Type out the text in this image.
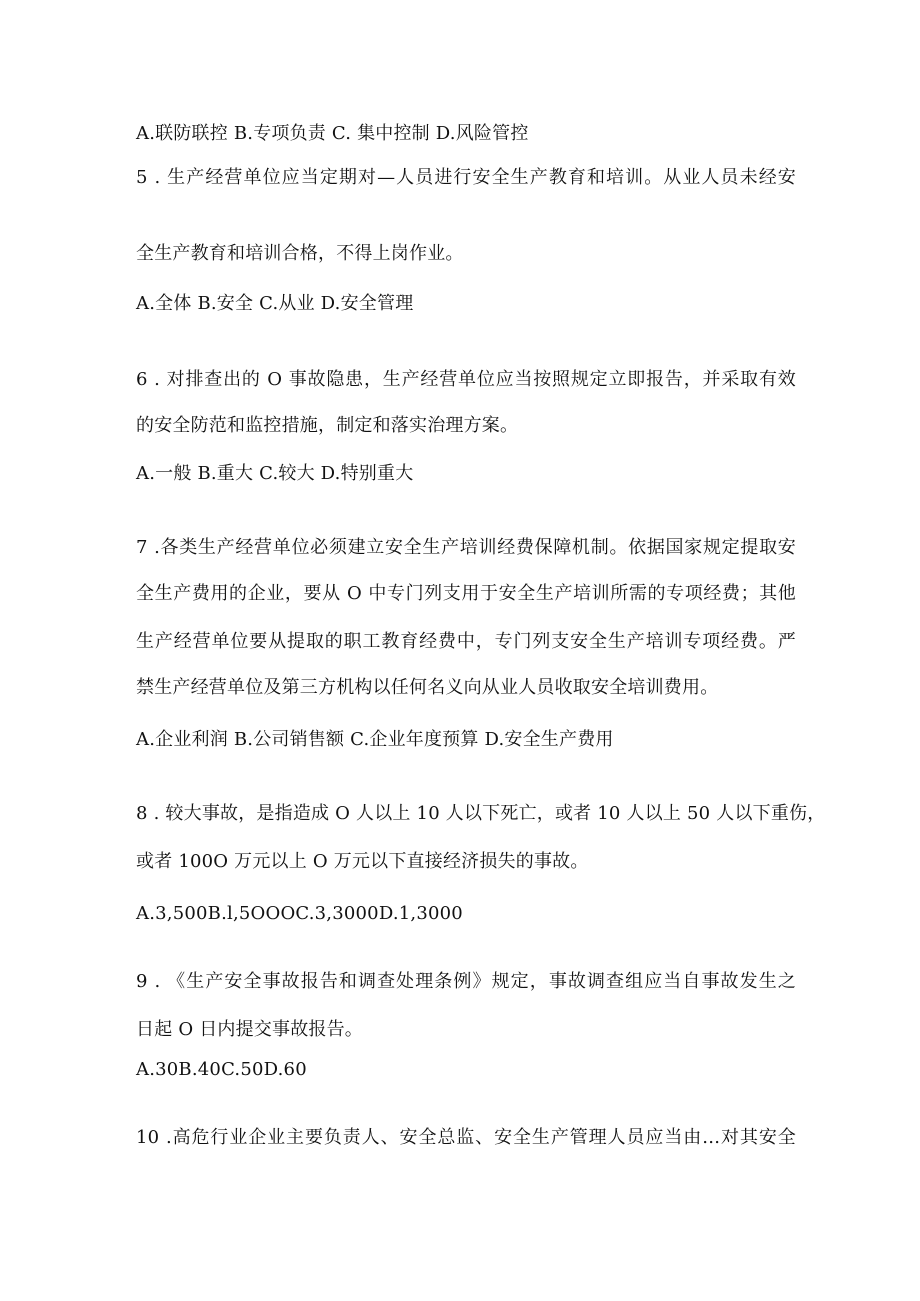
A.联防联控 B.专项负责 C. 集中控制 D.风险管控
5 . 生产经营单位应当定期对—人员进行安全生产教育和培训。从业人员未经安
全生产教育和培训合格，不得上岗作业。
A.全体 B.安全 C.从业 D.安全管理
6 . 对排查出的 O 事故隐患，生产经营单位应当按照规定立即报告，并采取有效
的安全防范和监控措施，制定和落实治理方案。
A.一般 B.重大 C.较大 D.特别重大
7 .各类生产经营单位必须建立安全生产培训经费保障机制。依据国家规定提取安
全生产费用的企业，要从 O 中专门列支用于安全生产培训所需的专项经费；其他
生产经营单位要从提取的职工教育经费中，专门列支安全生产培训专项经费。严
禁生产经营单位及第三方机构以任何名义向从业人员收取安全培训费用。
A.企业利润 B.公司销售额 C.企业年度预算 D.安全生产费用
8 . 较大事故，是指造成 O 人以上 10 人以下死亡，或者 10 人以上 50 人以下重伤，
或者 100O 万元以上 O 万元以下直接经济损失的事故。
A.3,500B.l,5OOOC.3,3000D.1,3000
9 . 《生产安全事故报告和调查处理条例》规定，事故调查组应当自事故发生之
日起 O 日内提交事故报告。
A.30B.40C.50D.60
10 .高危行业企业主要负责人、安全总监、安全生产管理人员应当由…对其安全
